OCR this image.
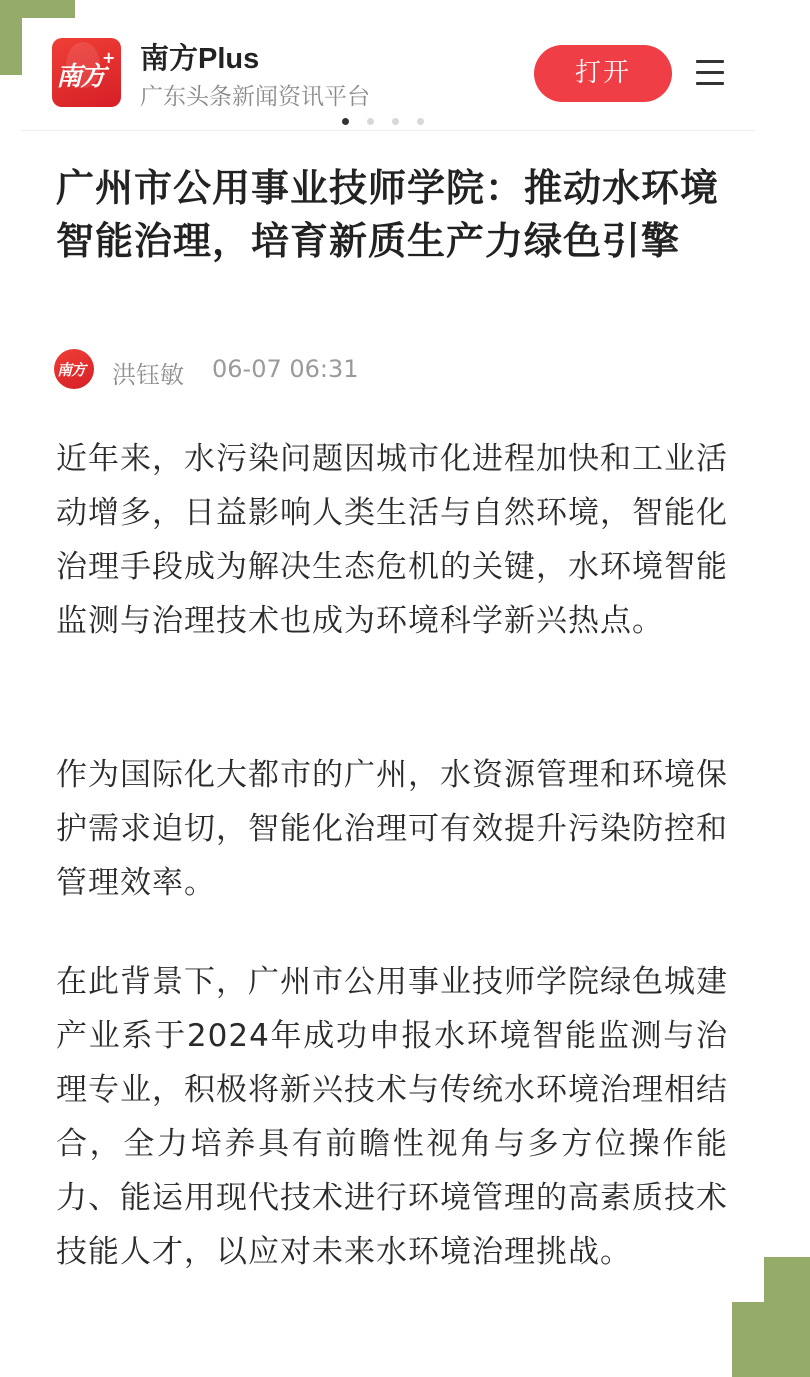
南方
+ 南方Plus
广东头条新闻资讯平台
打开
广州市公用事业技师学院：推动水环境智能治理，培育新质生产力绿色引擎
南方 洪钰敏 06-07 06:31

近年来，水污染问题因城市化进程加快和工业活动增多，日益影响人类生活与自然环境，智能化治理手段成为解决生态危机的关键，水环境智能监测与治理技术也成为环境科学新兴热点。

作为国际化大都市的广州，水资源管理和环境保护需求迫切，智能化治理可有效提升污染防控和管理效率。

在此背景下，广州市公用事业技师学院绿色城建产业系于2024年成功申报水环境智能监测与治理专业，积极将新兴技术与传统水环境治理相结合，全力培养具有前瞻性视角与多方位操作能力、能运用现代技术进行环境管理的高素质技术技能人才，以应对未来水环境治理挑战。
